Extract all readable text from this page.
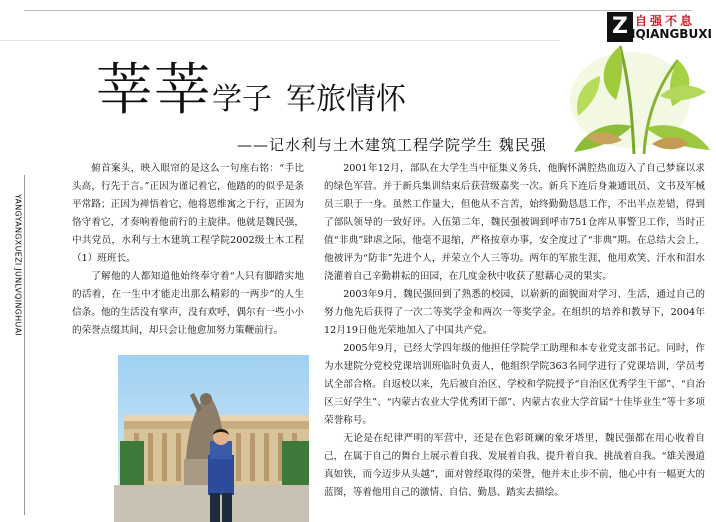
Z 自强不息
IQIANGBUXI
莘莘学子 军旅情怀
——记水利与土木建筑工程学院学生 魏民强
YANGYANGXUEZI JUNLVQINGHUAI

俯首案头，映入眼帘的是这么一句座右铭：“手比头高，行先于言。”正因为谨记着它，他踏的的似乎是条平常路；正因为禅悟着它，他将恩维寓之于行，正因为恪守着它，才奏响着他前行的主旋律。他就是魏民强，中共党员，水利与土木建筑工程学院2002级土木工程（1）班班长。

了解他的人都知道他始终奉守着“人只有脚踏实地的活着，在一生中才能走出那么精彩的一两步”的人生信条。他的生活没有掌声，没有欢呼，偶尔有一些小小的荣誉点缀其间，却只会让他愈加努力策鞭前行。

2001年12月，部队在大学生当中征集义务兵，他胸怀满腔热血迈入了自己梦寐以求的绿色军营。并于新兵集训结束后获营级嘉奖一次。新兵下连后身兼通讯员、文书及军械员三职于一身。虽然工作量大，但他从不言苦，始终勤勤恳恳工作，不出半点差错，得到了部队领导的一致好评。入伍第二年，魏民强被调到呼市751仓库从事警卫工作，当时正值“非典”肆虐之际，他毫不退缩，严格按章办事，安全度过了“非典”期。在总结大会上，他被评为“防非”先进个人，并荣立个人三等功。两年的军旅生涯，他用欢笑、汗水和泪水浇灌着自己辛勤耕耘的田园，在几度金秋中收获了慰藉心灵的果实。

2003年9月，魏民强回到了熟悉的校园，以崭新的面貌面对学习、生活，通过自己的努力他先后获得了一次二等奖学金和两次一等奖学金。在组织的培养和教导下，2004年12月19日他光荣地加入了中国共产党。

2005年9月，已经大学四年级的他担任学院学工助理和本专业党支部书记。同时，作为水建院分党校党课培训班临时负责人，他组织学院363名同学进行了党课培训，学员考试全部合格。自返校以来，先后被自治区、学校和学院授予“自治区优秀学生干部”、“自治区三好学生”、“内蒙古农业大学优秀团干部”、内蒙古农业大学首届“十佳毕业生”等十多项荣誉称号。

无论是在纪律严明的军营中，还是在色彩斑斓的象牙塔里，魏民强都在用心收着自己，在属于自己的舞台上展示着自我、发展着自我、提升着自我、挑战着自我。“雄关漫道真如铁，而今迈步从头越”，面对曾经取得的荣誉，他并未止步不前，他心中有一幅更大的蓝图，等着他用自己的激情、自信、勤恳、踏实去描绘。
